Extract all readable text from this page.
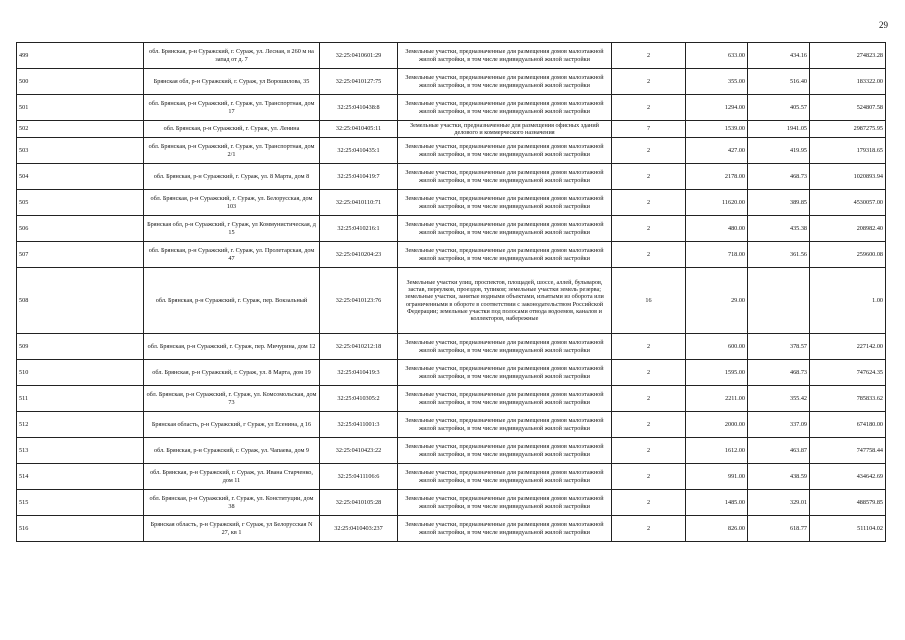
29
499	обл. Брянская, р-н Суражский, г. Сураж, ул. Лесная, в 260 м на запад от д. 7	32:25:0410601:29	Земельные участки, предназначенные для размещения домов малоэтажной жилой застройки, в том числе индивидуальной жилой застройки	2	633.00	434.16	274823.28
500	Брянская обл, р-н Суражский, г. Сураж, ул Ворошилова, 35	32:25:0410127:75	Земельные участки, предназначенные для размещения домов малоэтажной жилой застройки, в том числе индивидуальной жилой застройки	2	355.00	516.40	183322.00
501	обл. Брянская, р-н Суражский, г. Сураж, ул. Транспортная, дом 17	32:25:0410438:8	Земельные участки, предназначенные для размещения домов малоэтажной жилой застройки, в том числе индивидуальной жилой застройки	2	1294.00	405.57	524807.58
502	обл. Брянская, р-н Суражский, г. Сураж, ул. Ленина	32:25:0410405:11	Земельные участки, предназначенные для размещения офисных зданий делового и коммерческого назначения	7	1539.00	1941.05	2987275.95
503	обл. Брянская, р-н Суражский, г. Сураж, ул. Транспортная, дом 2/1	32:25:0410435:1	Земельные участки, предназначенные для размещения домов малоэтажной жилой застройки, в том числе индивидуальной жилой застройки	2	427.00	419.95	179318.65
504	обл. Брянская, р-н Суражский, г. Сураж, ул. 8 Марта, дом 8	32:25:0410419:7	Земельные участки, предназначенные для размещения домов малоэтажной жилой застройки, в том числе индивидуальной жилой застройки	2	2178.00	468.73	1020893.94
505	обл. Брянская, р-н Суражский, г. Сураж, ул. Белорусская, дом 103	32:25:0410110:71	Земельные участки, предназначенные для размещения домов малоэтажной жилой застройки, в том числе индивидуальной жилой застройки	2	11620.00	389.85	4530057.00
506	Брянская обл, р-н Суражский, г Сураж, ул Коммунистическая, д 15	32:25:0410216:1	Земельные участки, предназначенные для размещения домов малоэтажной жилой застройки, в том числе индивидуальной жилой застройки	2	480.00	435.38	208982.40
507	обл. Брянская, р-н Суражский, г. Сураж, ул. Пролетарская, дом 47	32:25:0410204:23	Земельные участки, предназначенные для размещения домов малоэтажной жилой застройки, в том числе индивидуальной жилой застройки	2	718.00	361.56	259600.08
508	обл. Брянская, р-н Суражский, г. Сураж, пер. Вокзальный	32:25:0410123:76	Земельные участки улиц, проспектов, площадей, шоссе, аллей, бульваров, застав, переулков, проездов, тупиков; земельные участки земель резерва; земельные участки, занятые водными объектами, изъятыми из оборота или ограниченными в обороте в соответствии с законодательством Российской Федерации; земельные участки под полосами отвода водоемов, каналов и коллекторов, набережные	16	29.00		1.00
509	обл. Брянская, р-н Суражский, г. Сураж, пер. Мичурина, дом 12	32:25:0410212:18	Земельные участки, предназначенные для размещения домов малоэтажной жилой застройки, в том числе индивидуальной жилой застройки	2	600.00	378.57	227142.00
510	обл. Брянская, р-н Суражский, г. Сураж, ул. 8 Марта, дом 19	32:25:0410419:3	Земельные участки, предназначенные для размещения домов малоэтажной жилой застройки, в том числе индивидуальной жилой застройки	2	1595.00	468.73	747624.35
511	обл. Брянская, р-н Суражский, г. Сураж, ул. Комсомольская, дом 73	32:25:0410305:2	Земельные участки, предназначенные для размещения домов малоэтажной жилой застройки, в том числе индивидуальной жилой застройки	2	2211.00	355.42	785833.62
512	Брянская область, р-н Суражский, г Сураж, ул Есенина, д 16	32:25:0411001:3	Земельные участки, предназначенные для размещения домов малоэтажной жилой застройки, в том числе индивидуальной жилой застройки	2	2000.00	337.09	674180.00
513	обл. Брянская, р-н Суражский, г. Сураж, ул. Чапаева, дом 9	32:25:0410423:22	Земельные участки, предназначенные для размещения домов малоэтажной жилой застройки, в том числе индивидуальной жилой застройки	2	1612.00	463.87	747758.44
514	обл. Брянская, р-н Суражский, г. Сураж, ул. Ивана Старченко, дом 11	32:25:0411106:6	Земельные участки, предназначенные для размещения домов малоэтажной жилой застройки, в том числе индивидуальной жилой застройки	2	991.00	438.59	434642.69
515	обл. Брянская, р-н Суражский, г. Сураж, ул. Конституции, дом 38	32:25:0410105:28	Земельные участки, предназначенные для размещения домов малоэтажной жилой застройки, в том числе индивидуальной жилой застройки	2	1485.00	329.01	488579.85
516	Брянская область, р-н Суражский, г Сураж, ул Белорусская N 27, кв 1	32:25:0410403:237	Земельные участки, предназначенные для размещения домов малоэтажной жилой застройки, в том числе индивидуальной жилой застройки	2	826.00	618.77	511104.02
